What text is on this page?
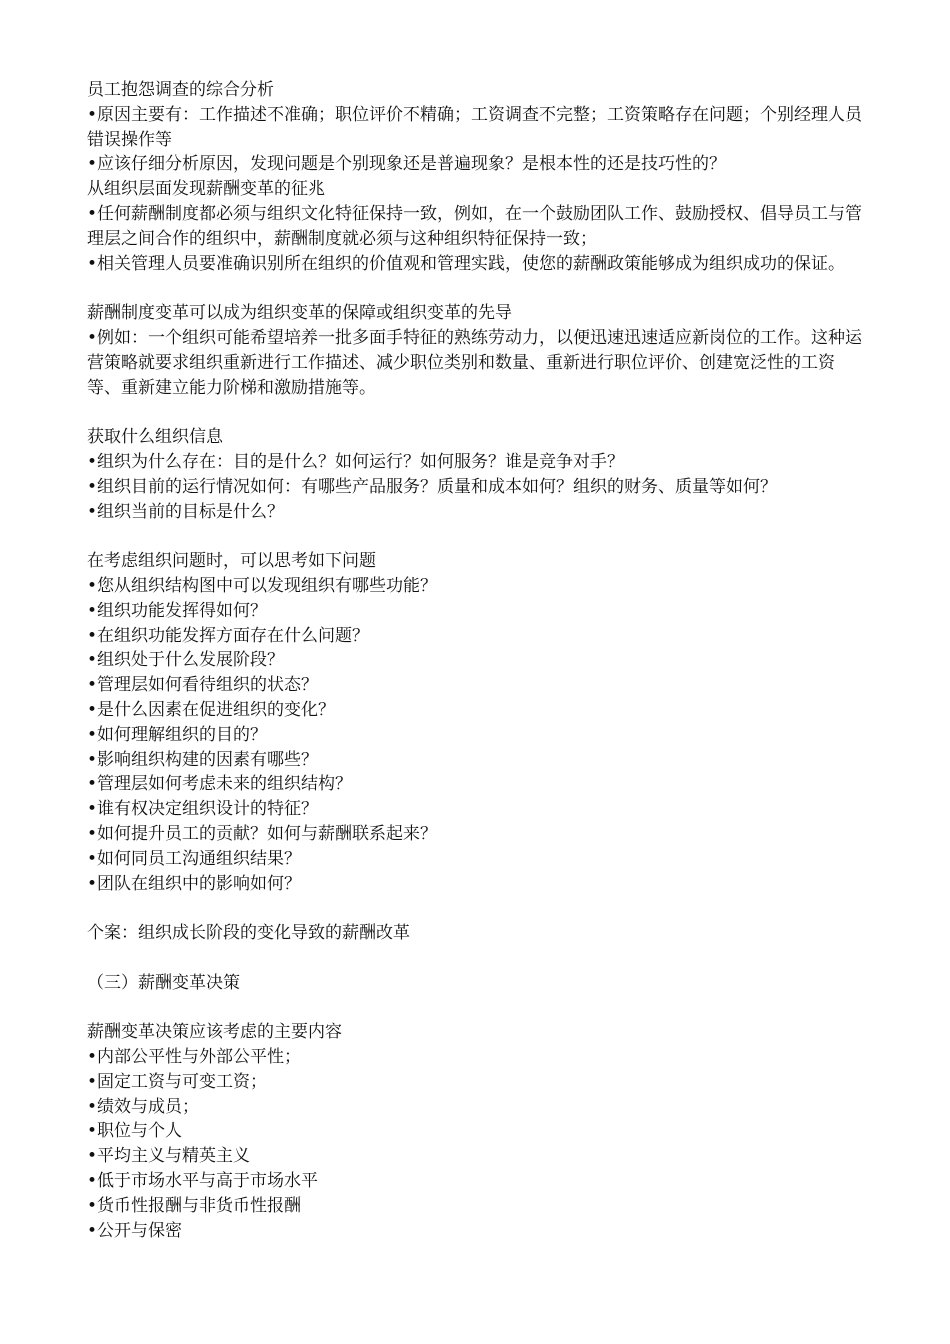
员工抱怨调查的综合分析
•原因主要有：工作描述不准确；职位评价不精确；工资调查不完整；工资策略存在问题；个别经理人员错误操作等
•应该仔细分析原因，发现问题是个别现象还是普遍现象？是根本性的还是技巧性的？
从组织层面发现薪酬变革的征兆
•任何薪酬制度都必须与组织文化特征保持一致，例如，在一个鼓励团队工作、鼓励授权、倡导员工与管理层之间合作的组织中，薪酬制度就必须与这种组织特征保持一致；
•相关管理人员要准确识别所在组织的价值观和管理实践，使您的薪酬政策能够成为组织成功的保证。
薪酬制度变革可以成为组织变革的保障或组织变革的先导
•例如：一个组织可能希望培养一批多面手特征的熟练劳动力，以便迅速迅速适应新岗位的工作。这种运营策略就要求组织重新进行工作描述、减少职位类别和数量、重新进行职位评价、创建宽泛性的工资等、重新建立能力阶梯和激励措施等。
获取什么组织信息
•组织为什么存在：目的是什么？如何运行？如何服务？谁是竞争对手？
•组织目前的运行情况如何：有哪些产品服务？质量和成本如何？组织的财务、质量等如何？
•组织当前的目标是什么？
在考虑组织问题时，可以思考如下问题
•您从组织结构图中可以发现组织有哪些功能？
•组织功能发挥得如何？
•在组织功能发挥方面存在什么问题？
•组织处于什么发展阶段？
•管理层如何看待组织的状态？
•是什么因素在促进组织的变化？
•如何理解组织的目的？
•影响组织构建的因素有哪些？
•管理层如何考虑未来的组织结构？
•谁有权决定组织设计的特征？
•如何提升员工的贡献？如何与薪酬联系起来？
•如何同员工沟通组织结果？
•团队在组织中的影响如何？
个案：组织成长阶段的变化导致的薪酬改革
（三）薪酬变革决策
薪酬变革决策应该考虑的主要内容
•内部公平性与外部公平性；
•固定工资与可变工资；
•绩效与成员；
•职位与个人
•平均主义与精英主义
•低于市场水平与高于市场水平
•货币性报酬与非货币性报酬
•公开与保密
